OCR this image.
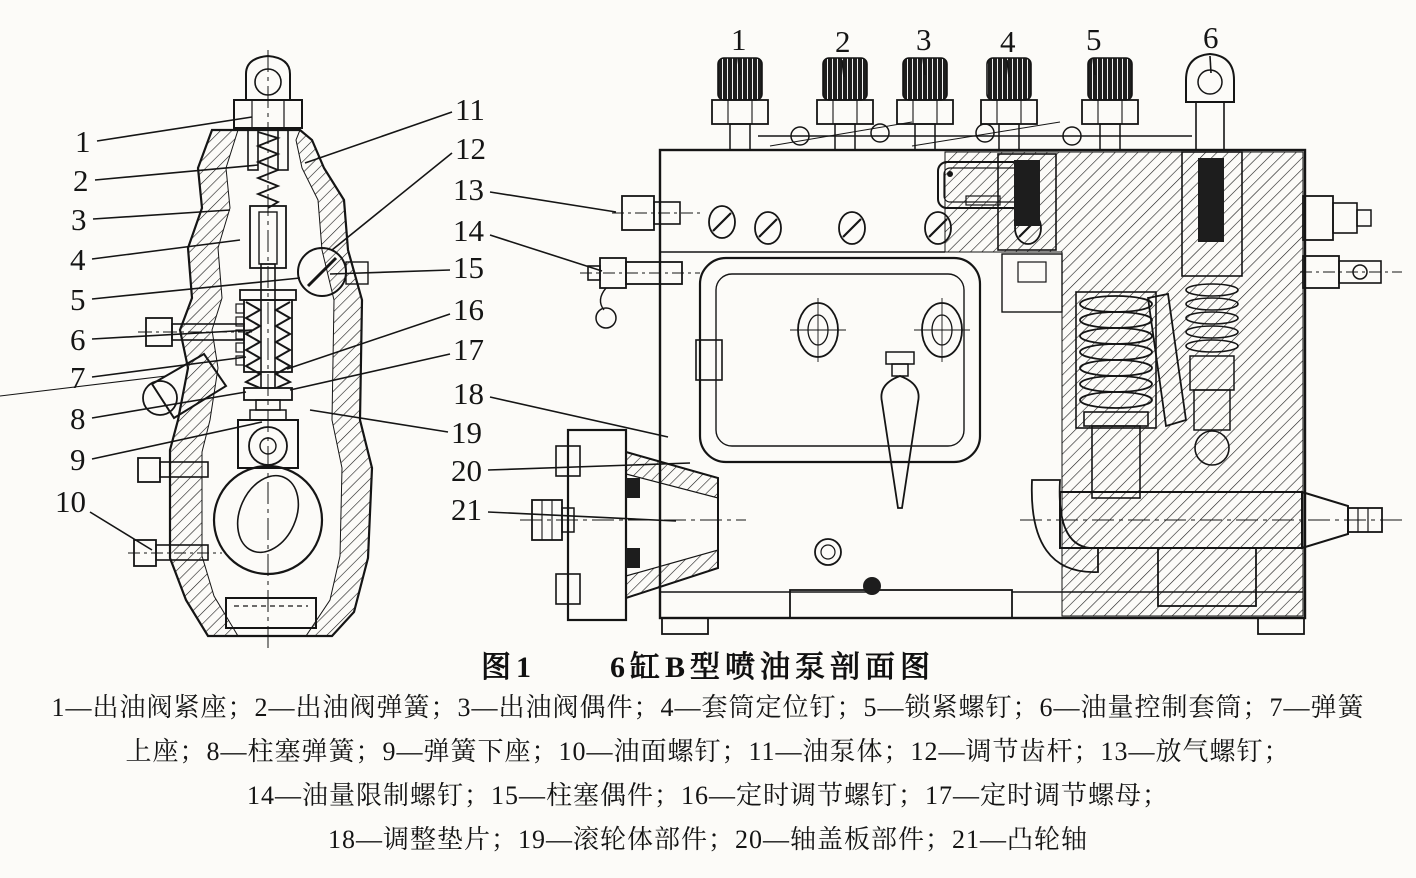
1
2
3
4
5
6
7
8
9
10
11
12
13
14
15
16
17
18
19
20
21
1	2 3 4 5	6
图1 6缸B型喷油泵剖面图
1—出油阀紧座；2—出油阀弹簧；3—出油阀偶件；4—套筒定位钉；5—锁紧螺钉；6—油量控制套筒；7—弹簧
上座；8—柱塞弹簧；9—弹簧下座；10—油面螺钉；11—油泵体；12—调节齿杆；13—放气螺钉；
14—油量限制螺钉；15—柱塞偶件；16—定时调节螺钉；17—定时调节螺母；
18—调整垫片；19—滚轮体部件；20—轴盖板部件；21—凸轮轴
